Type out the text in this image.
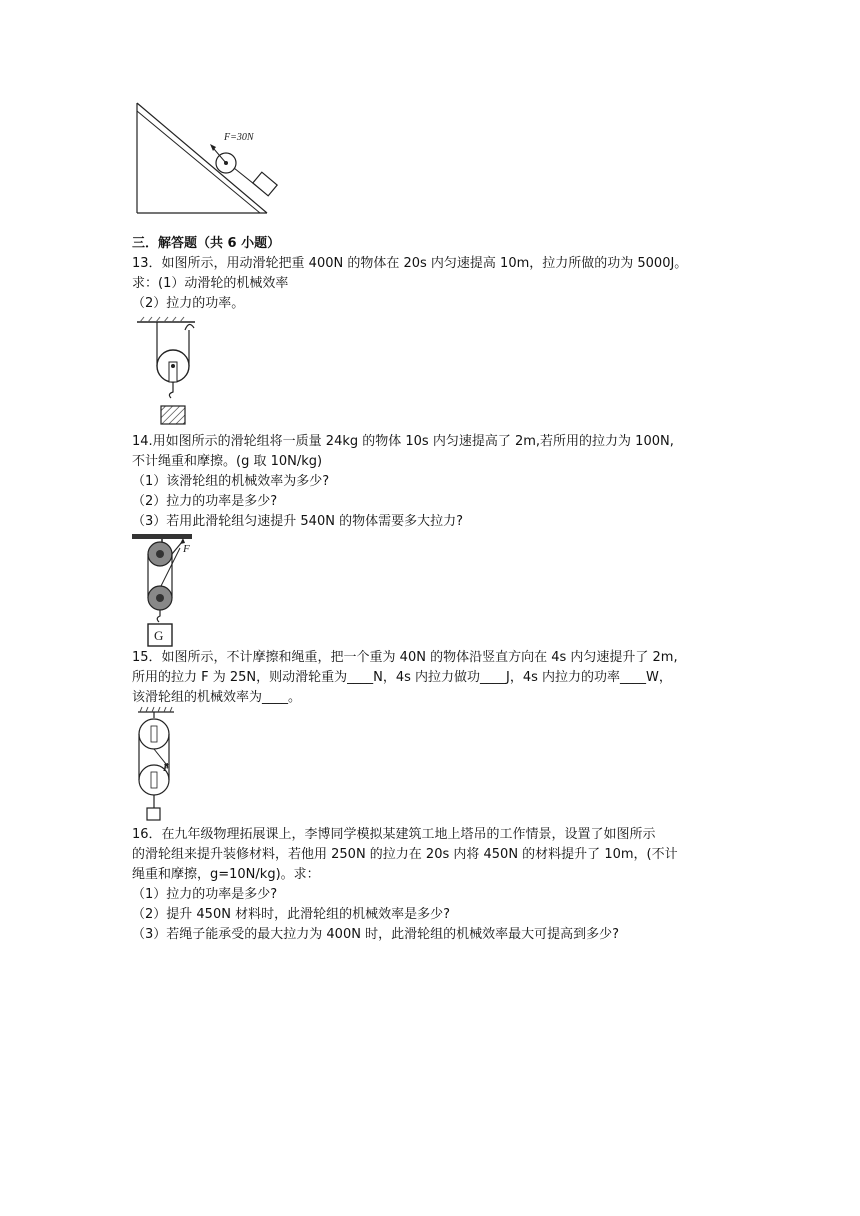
F=30N
三．解答题（共 6 小题）
13．如图所示，用动滑轮把重 400N 的物体在 20s 内匀速提高 10m，拉力所做的功为 5000J。
求：(1）动滑轮的机械效率
（2）拉力的功率。
14.用如图所示的滑轮组将一质量 24kg 的物体 10s 内匀速提高了 2m,若所用的拉力为 100N,
不计绳重和摩擦。(g 取 10N/kg)
（1）该滑轮组的机械效率为多少?
（2）拉力的功率是多少?
（3）若用此滑轮组匀速提升 540N 的物体需要多大拉力?
F
G
15．如图所示，不计摩擦和绳重，把一个重为 40N 的物体沿竖直方向在 4s 内匀速提升了 2m,
所用的拉力 F 为 25N，则动滑轮重为____N，4s 内拉力做功____J，4s 内拉力的功率____W，
该滑轮组的机械效率为____。
F
16．在九年级物理拓展课上，李博同学模拟某建筑工地上塔吊的工作情景，设置了如图所示
的滑轮组来提升装修材料，若他用 250N 的拉力在 20s 内将 450N 的材料提升了 10m，(不计
绳重和摩擦，g=10N/kg)。求：
（1）拉力的功率是多少?
（2）提升 450N 材料时，此滑轮组的机械效率是多少?
（3）若绳子能承受的最大拉力为 400N 时，此滑轮组的机械效率最大可提高到多少?
